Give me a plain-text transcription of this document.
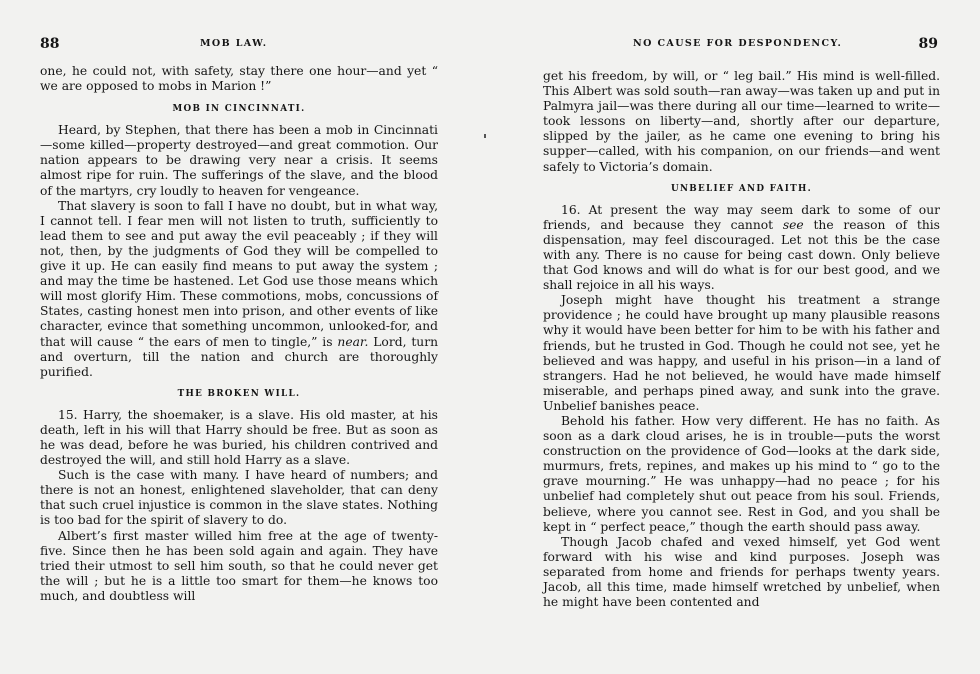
88	MOB LAW.

one, he could not, with safety, stay there one hour—and yet “ we are opposed to mobs in Marion !”

MOB IN CINCINNATI.

Heard, by Stephen, that there has been a mob in Cincinnati—some killed—property destroyed—and great commotion. Our nation appears to be drawing very near a crisis. It seems almost ripe for ruin. The sufferings of the slave, and the blood of the martyrs, cry loudly to heaven for vengeance.

That slavery is soon to fall I have no doubt, but in what way, I cannot tell. I fear men will not listen to truth, sufficiently to lead them to see and put away the evil peaceably ; if they will not, then, by the judgments of God they will be compelled to give it up. He can easily find means to put away the system ; and may the time be hastened. Let God use those means which will most glorify Him. These commotions, mobs, concussions of States, casting honest men into prison, and other events of like character, evince that something uncommon, unlooked-for, and that will cause “ the ears of men to tingle,” is near. Lord, turn and overturn, till the nation and church are thoroughly purified.

THE BROKEN WILL.

15. Harry, the shoemaker, is a slave. His old master, at his death, left in his will that Harry should be free. But as soon as he was dead, before he was buried, his children contrived and destroyed the will, and still hold Harry as a slave.

Such is the case with many. I have heard of numbers; and there is not an honest, enlightened slaveholder, that can deny that such cruel injustice is common in the slave states. Nothing is too bad for the spirit of slavery to do.

Albert’s first master willed him free at the age of twenty-five. Since then he has been sold again and again. They have tried their utmost to sell him south, so that he could never get the will ; but he is a little too smart for them—he knows too much, and doubtless will

NO CAUSE FOR DESPONDENCY.	89

get his freedom, by will, or “ leg bail.” His mind is well-filled. This Albert was sold south—ran away—was taken up and put in Palmyra jail—was there during all our time—learned to write—took lessons on liberty—and, shortly after our departure, slipped by the jailer, as he came one evening to bring his supper—called, with his companion, on our friends—and went safely to Victoria’s domain.

UNBELIEF AND FAITH.

16. At present the way may seem dark to some of our friends, and because they cannot see the reason of this dispensation, may feel discouraged. Let not this be the case with any. There is no cause for being cast down. Only believe that God knows and will do what is for our best good, and we shall rejoice in all his ways.

Joseph might have thought his treatment a strange providence ; he could have brought up many plausible reasons why it would have been better for him to be with his father and friends, but he trusted in God. Though he could not see, yet he believed and was happy, and useful in his prison—in a land of strangers. Had he not believed, he would have made himself miserable, and perhaps pined away, and sunk into the grave. Unbelief banishes peace.

Behold his father. How very different. He has no faith. As soon as a dark cloud arises, he is in trouble—puts the worst construction on the providence of God—looks at the dark side, murmurs, frets, repines, and makes up his mind to “ go to the grave mourning.” He was unhappy—had no peace ; for his unbelief had completely shut out peace from his soul. Friends, believe, where you cannot see. Rest in God, and you shall be kept in “ perfect peace,” though the earth should pass away.

Though Jacob chafed and vexed himself, yet God went forward with his wise and kind purposes. Joseph was separated from home and friends for perhaps twenty years. Jacob, all this time, made himself wretched by unbelief, when he might have been contented and
